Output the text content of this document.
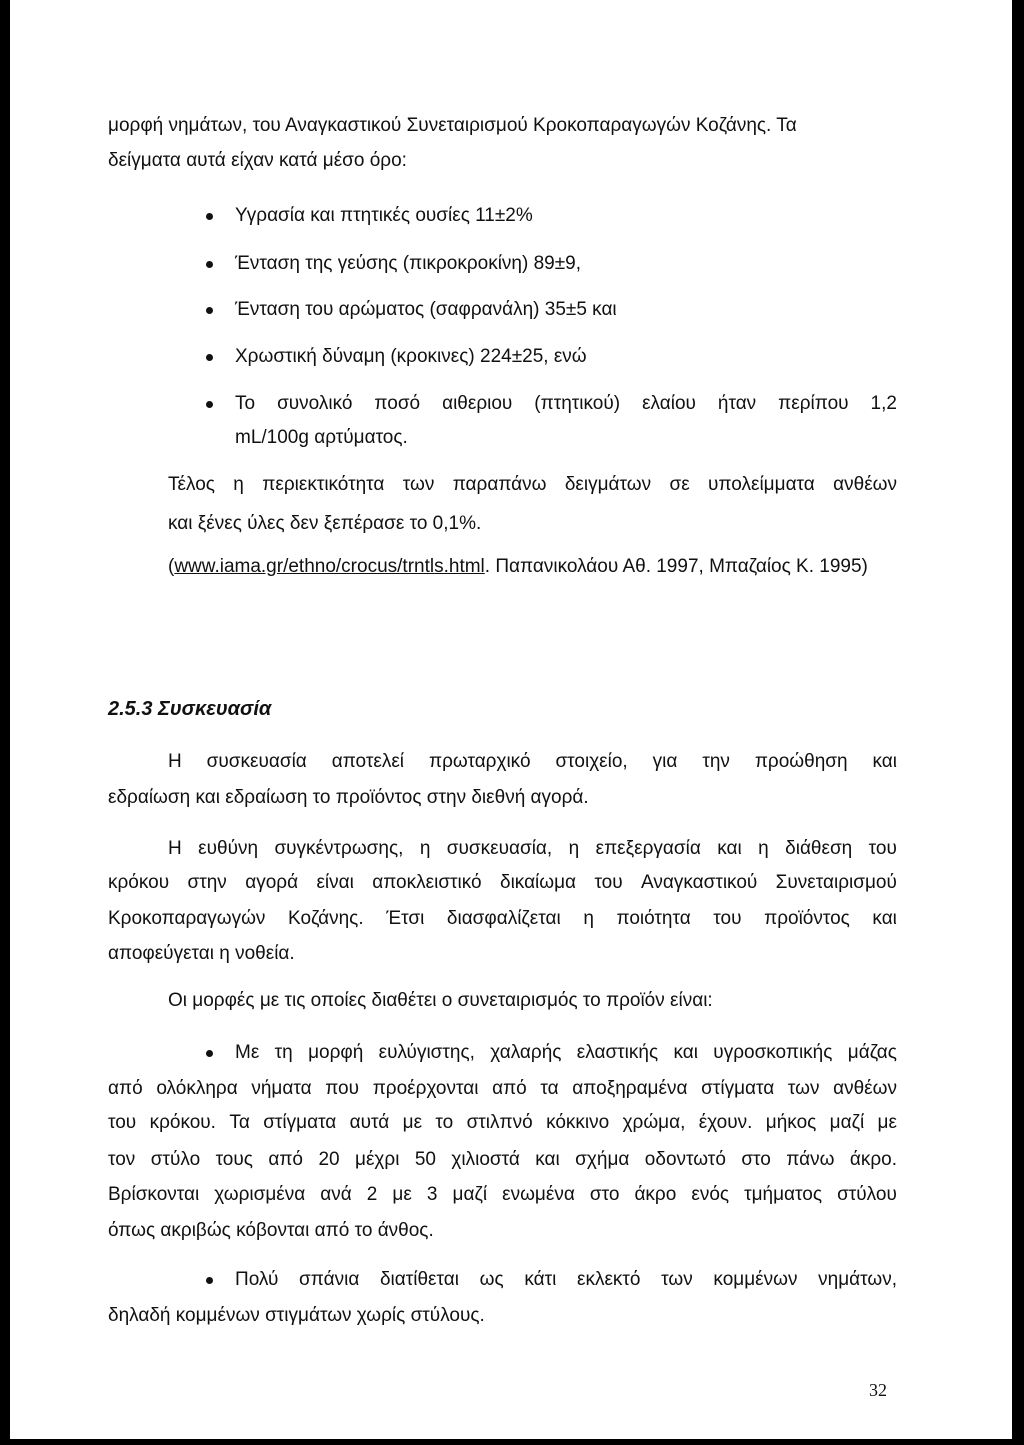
μορφή νημάτων, του Αναγκαστικού Συνεταιρισμού Κροκοπαραγωγών Κοζάνης. Τα
δείγματα αυτά είχαν κατά μέσο όρο:
Υγρασία και πτητικές ουσίες 11±2%
Ένταση της γεύσης (πικροκροκίνη) 89±9,
Ένταση του αρώματος (σαφρανάλη) 35±5 και
Χρωστική δύναμη (κροκινες) 224±25, ενώ
Το συνολικό ποσό αιθεριου (πτητικού) ελαίου ήταν περίπου 1,2
mL/100g αρτύματος.
Τέλος η περιεκτικότητα των παραπάνω δειγμάτων σε υπολείμματα ανθέων
και ξένες ύλες δεν ξεπέρασε το 0,1%.
(www.iama.gr/ethno/crocus/trntls.html. Παπανικολάου Αθ. 1997, Μπαζαίος Κ. 1995)
2.5.3 Συσκευασία
Η συσκευασία αποτελεί πρωταρχικό στοιχείο, για την προώθηση και
εδραίωση και εδραίωση το προϊόντος στην διεθνή αγορά.
Η ευθύνη συγκέντρωσης, η συσκευασία, η επεξεργασία και η διάθεση του
κρόκου στην αγορά είναι αποκλειστικό δικαίωμα του Αναγκαστικού Συνεταιρισμού
Κροκοπαραγωγών Κοζάνης. Έτσι διασφαλίζεται η ποιότητα του προϊόντος και
αποφεύγεται η νοθεία.
Οι μορφές με τις οποίες διαθέτει ο συνεταιρισμός το προϊόν είναι:
Με τη μορφή ευλύγιστης, χαλαρής ελαστικής και υγροσκοπικής μάζας
από ολόκληρα νήματα που προέρχονται από τα αποξηραμένα στίγματα των ανθέων
του κρόκου. Τα στίγματα αυτά με το στιλπνό κόκκινο χρώμα, έχουν. μήκος μαζί με
τον στύλο τους από 20 μέχρι 50 χιλιοστά και σχήμα οδοντωτό στο πάνω άκρο.
Βρίσκονται χωρισμένα ανά 2 με 3 μαζί ενωμένα στο άκρο ενός τμήματος στύλου
όπως ακριβώς κόβονται από το άνθος.
Πολύ σπάνια διατίθεται ως κάτι εκλεκτό των κομμένων νημάτων,
δηλαδή κομμένων στιγμάτων χωρίς στύλους.
32
